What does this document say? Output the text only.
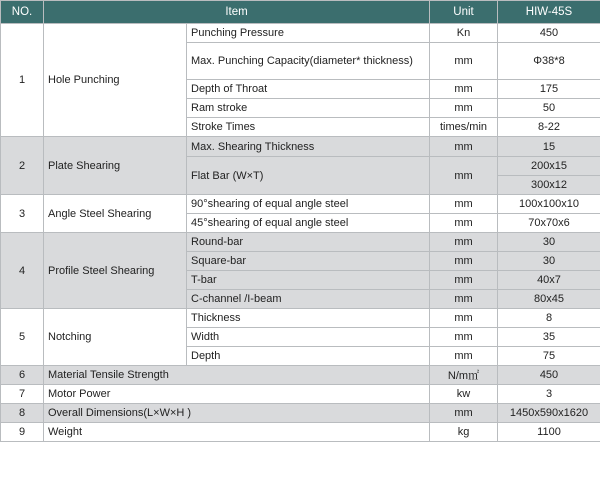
NO.	Item		Unit	HIW-45S
1	Hole Punching	Punching Pressure	Kn	450
		Max. Punching Capacity(diameter* thickness)	mm	Φ38*8
		Depth of Throat	mm	175
		Ram stroke	mm	50
		Stroke Times	times/min	8-22
2	Plate Shearing	Max. Shearing Thickness	mm	15
		Flat Bar (W×T)	mm	200x15
				300x12
3	Angle Steel Shearing	90°shearing of equal angle steel	mm	100x100x10
		45°shearing of equal angle steel	mm	70x70x6
4	Profile Steel Shearing	Round-bar	mm	30
		Square-bar	mm	30
		T-bar	mm	40x7
		C-channel /I-beam	mm	80x45
5	Notching	Thickness	mm	8
		Width	mm	35
		Depth	mm	75
6	Material Tensile Strength		N/m㎡	450
7	Motor Power		kw	3
8	Overall Dimensions(L×W×H )		mm	1450x590x1620
9	Weight		kg	1100
